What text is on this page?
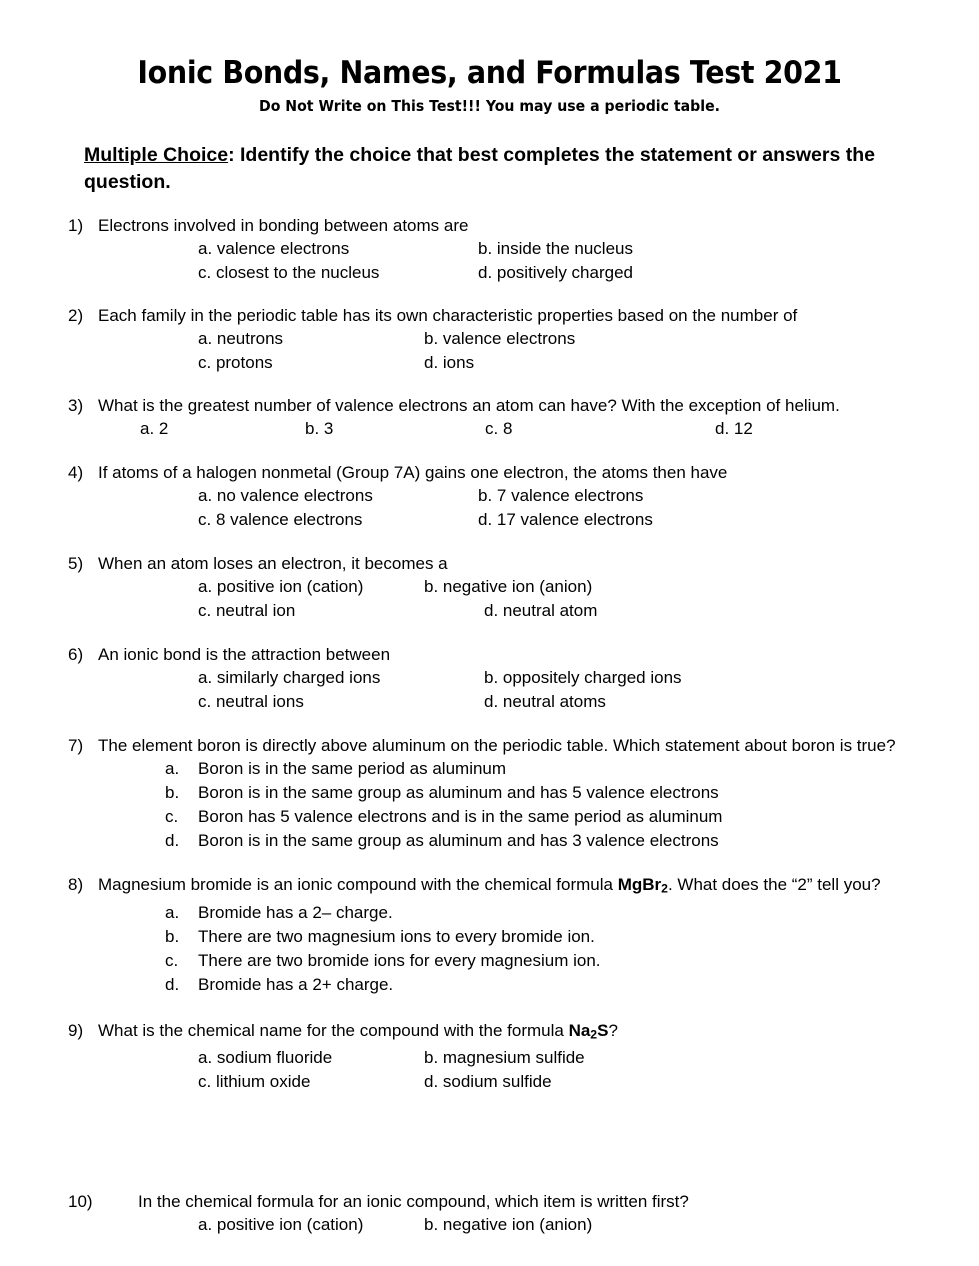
Ionic Bonds, Names, and Formulas Test 2021
Do Not Write on This Test!!! You may use a periodic table.
Multiple Choice: Identify the choice that best completes the statement or answers the question.
1) Electrons involved in bonding between atoms are
a. valence electrons	b. inside the nucleus
c. closest to the nucleus	d. positively charged
2) Each family in the periodic table has its own characteristic properties based on the number of
a. neutrons	b. valence electrons
c. protons	d. ions
3) What is the greatest number of valence electrons an atom can have? With the exception of helium.
a. 2	b. 3	c. 8	d. 12
4) If atoms of a halogen nonmetal (Group 7A) gains one electron, the atoms then have
a. no valence electrons	b. 7 valence electrons
c. 8 valence electrons	d. 17 valence electrons
5) When an atom loses an electron, it becomes a
a. positive ion (cation)	b. negative ion (anion)
c. neutral ion	d. neutral atom
6) An ionic bond is the attraction between
a. similarly charged ions	b. oppositely charged ions
c. neutral ions	d. neutral atoms
7) The element boron is directly above aluminum on the periodic table. Which statement about boron is true?
a. Boron is in the same period as aluminum
b. Boron is in the same group as aluminum and has 5 valence electrons
c. Boron has 5 valence electrons and is in the same period as aluminum
d. Boron is in the same group as aluminum and has 3 valence electrons
8) Magnesium bromide is an ionic compound with the chemical formula MgBr$_2$. What does the “2” tell you?
a. Bromide has a 2– charge.
b. There are two magnesium ions to every bromide ion.
c. There are two bromide ions for every magnesium ion.
d. Bromide has a 2+ charge.
9) What is the chemical name for the compound with the formula $Na_2S$?
a. sodium fluoride	b. magnesium sulfide
c. lithium oxide	d. sodium sulfide
10)	In the chemical formula for an ionic compound, which item is written first?
a. positive ion (cation)	b. negative ion (anion)
